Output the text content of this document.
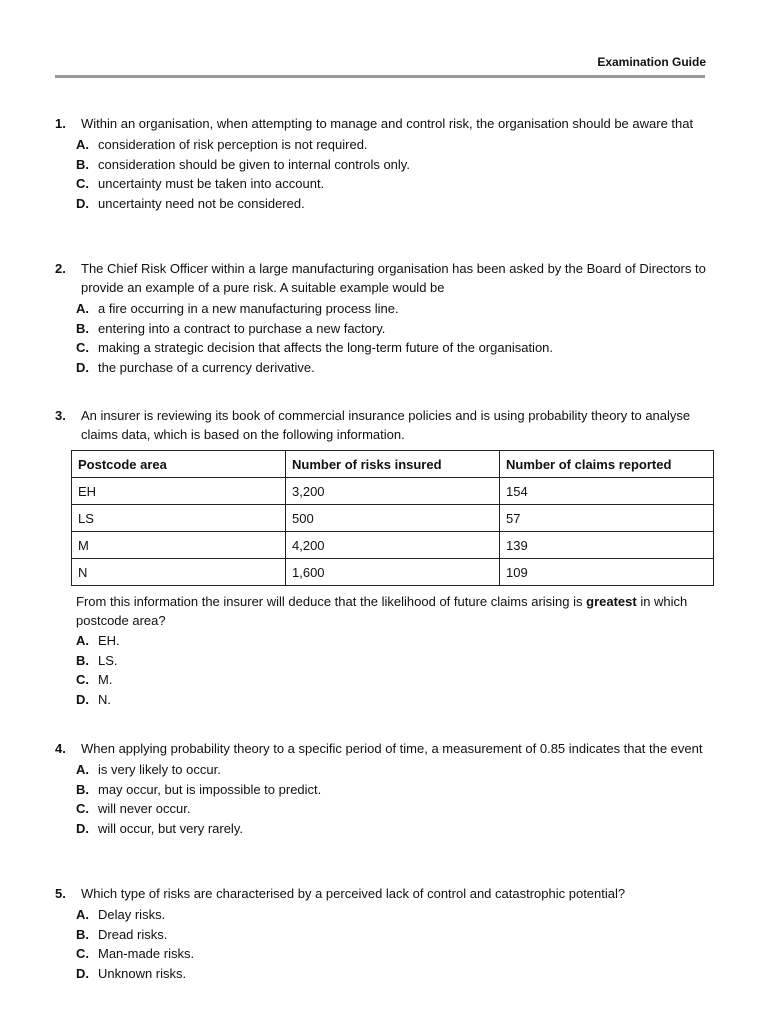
Examination Guide
1.	Within an organisation, when attempting to manage and control risk, the organisation should be aware that
A. consideration of risk perception is not required.
B. consideration should be given to internal controls only.
C. uncertainty must be taken into account.
D. uncertainty need not be considered.
2.	The Chief Risk Officer within a large manufacturing organisation has been asked by the Board of Directors to provide an example of a pure risk. A suitable example would be
A. a fire occurring in a new manufacturing process line.
B. entering into a contract to purchase a new factory.
C. making a strategic decision that affects the long-term future of the organisation.
D. the purchase of a currency derivative.
3.	An insurer is reviewing its book of commercial insurance policies and is using probability theory to analyse claims data, which is based on the following information.
Postcode area	Number of risks insured	Number of claims reported
EH	3,200	154
LS	500	57
M	4,200	139
N	1,600	109
From this information the insurer will deduce that the likelihood of future claims arising is greatest in which postcode area?
A. EH.
B. LS.
C. M.
D. N.
4.	When applying probability theory to a specific period of time, a measurement of 0.85 indicates that the event
A. is very likely to occur.
B. may occur, but is impossible to predict.
C. will never occur.
D. will occur, but very rarely.
5.	Which type of risks are characterised by a perceived lack of control and catastrophic potential?
A. Delay risks.
B. Dread risks.
C. Man-made risks.
D. Unknown risks.
